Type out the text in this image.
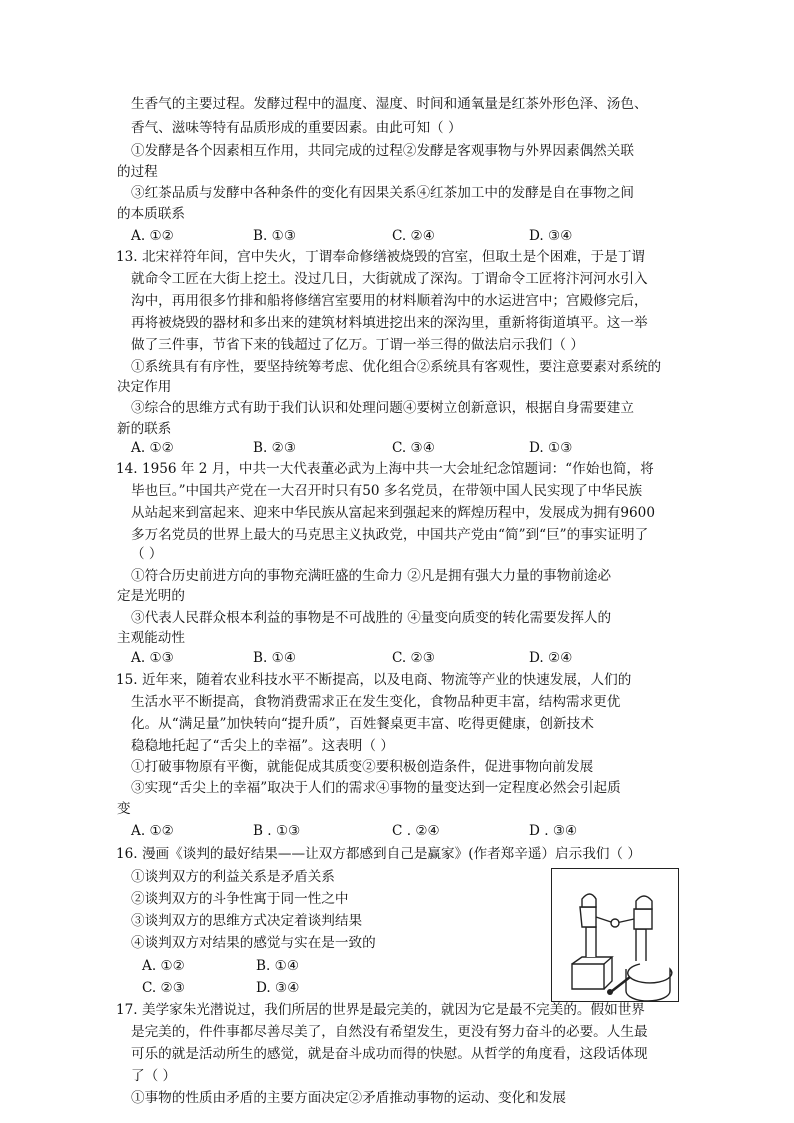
生香气的主要过程。发酵过程中的温度、湿度、时间和通氧量是红茶外形色泽、汤色、
香气、滋味等特有品质形成的重要因素。由此可知（ ）
①发酵是各个因素相互作用，共同完成的过程②发酵是客观事物与外界因素偶然关联
的过程
③红茶品质与发酵中各种条件的变化有因果关系④红茶加工中的发酵是自在事物之间
的本质联系
A. ①②	B. ①③	C. ②④	D. ③④
13. 北宋祥符年间，宫中失火，丁谓奉命修缮被烧毁的宫室，但取土是个困难，于是丁谓
就命令工匠在大街上挖土。没过几日，大街就成了深沟。丁谓命令工匠将汴河河水引入
沟中，再用很多竹排和船将修缮宫室要用的材料顺着沟中的水运进宫中；宫殿修完后，
再将被烧毁的器材和多出来的建筑材料填进挖出来的深沟里，重新将街道填平。这一举
做了三件事，节省下来的钱超过了亿万。丁谓一举三得的做法启示我们（ ）
①系统具有有序性，要坚持统筹考虑、优化组合②系统具有客观性，要注意要素对系统的
决定作用
③综合的思维方式有助于我们认识和处理问题④要树立创新意识，根据自身需要建立
新的联系
A. ①②	B. ②③	C. ③④	D. ①③
14. 1956 年 2 月，中共一大代表董必武为上海中共一大会址纪念馆题词：“作始也简，将
毕也巨。”中国共产党在一大召开时只有50 多名党员，在带领中国人民实现了中华民族
从站起来到富起来、迎来中华民族从富起来到强起来的辉煌历程中，发展成为拥有9600
多万名党员的世界上最大的马克思主义执政党，中国共产党由“简”到“巨”的事实证明了
（ ）
①符合历史前进方向的事物充满旺盛的生命力 ②凡是拥有强大力量的事物前途必
定是光明的
③代表人民群众根本利益的事物是不可战胜的 ④量变向质变的转化需要发挥人的
主观能动性
A. ①③	B. ①④	C. ②③	D. ②④
15. 近年来，随着农业科技水平不断提高，以及电商、物流等产业的快速发展，人们的
生活水平不断提高，食物消费需求正在发生变化，食物品种更丰富，结构需求更优
化。从“满足量”加快转向“提升质”，百姓餐桌更丰富、吃得更健康，创新技术
稳稳地托起了“舌尖上的幸福”。这表明（ ）
①打破事物原有平衡，就能促成其质变②要积极创造条件，促进事物向前发展
③实现“舌尖上的幸福”取决于人们的需求④事物的量变达到一定程度必然会引起质
变
A. ①②	B . ①③	C . ②④	D . ③④
16. 漫画《谈判的最好结果——让双方都感到自己是赢家》(作者郑辛遥）启示我们（ ）
①谈判双方的利益关系是矛盾关系
②谈判双方的斗争性寓于同一性之中
③谈判双方的思维方式决定着谈判结果
④谈判双方对结果的感觉与实在是一致的
A. ①②	B. ①④
C. ②③	D. ③④
17. 美学家朱光潜说过，我们所居的世界是最完美的，就因为它是最不完美的。假如世界
是完美的，件件事都尽善尽美了，自然没有希望发生，更没有努力奋斗的必要。人生最
可乐的就是活动所生的感觉，就是奋斗成功而得的快慰。从哲学的角度看，这段话体现
了（ ）
①事物的性质由矛盾的主要方面决定②矛盾推动事物的运动、变化和发展
